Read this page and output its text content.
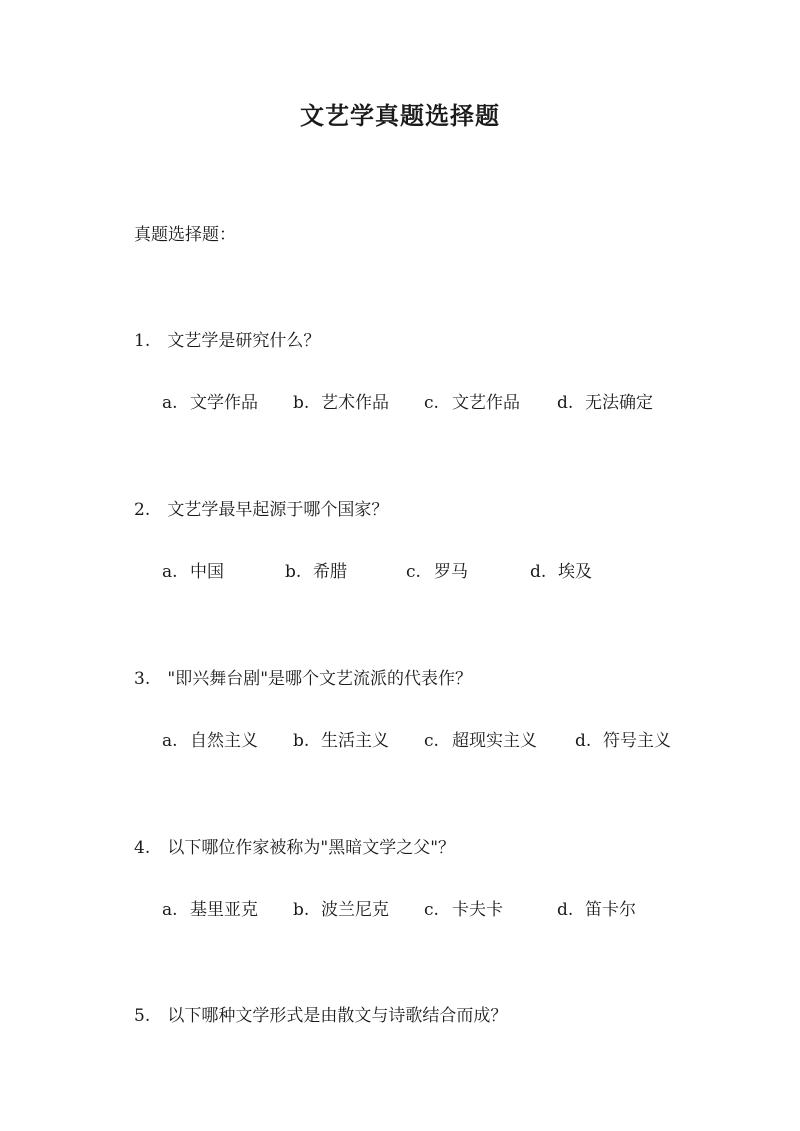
文艺学真题选择题
真题选择题：
1. 文艺学是研究什么？
a. 文学作品 b. 艺术作品 c. 文艺作品 d. 无法确定
2. 文艺学最早起源于哪个国家？
a. 中国	b. 希腊	c. 罗马	d. 埃及
3. "即兴舞台剧"是哪个文艺流派的代表作？
a. 自然主义 b. 生活主义 c. 超现实主义 d. 符号主义
4. 以下哪位作家被称为"黑暗文学之父"？
a. 基里亚克 b. 波兰尼克 c. 卡夫卡	d. 笛卡尔
5. 以下哪种文学形式是由散文与诗歌结合而成？
